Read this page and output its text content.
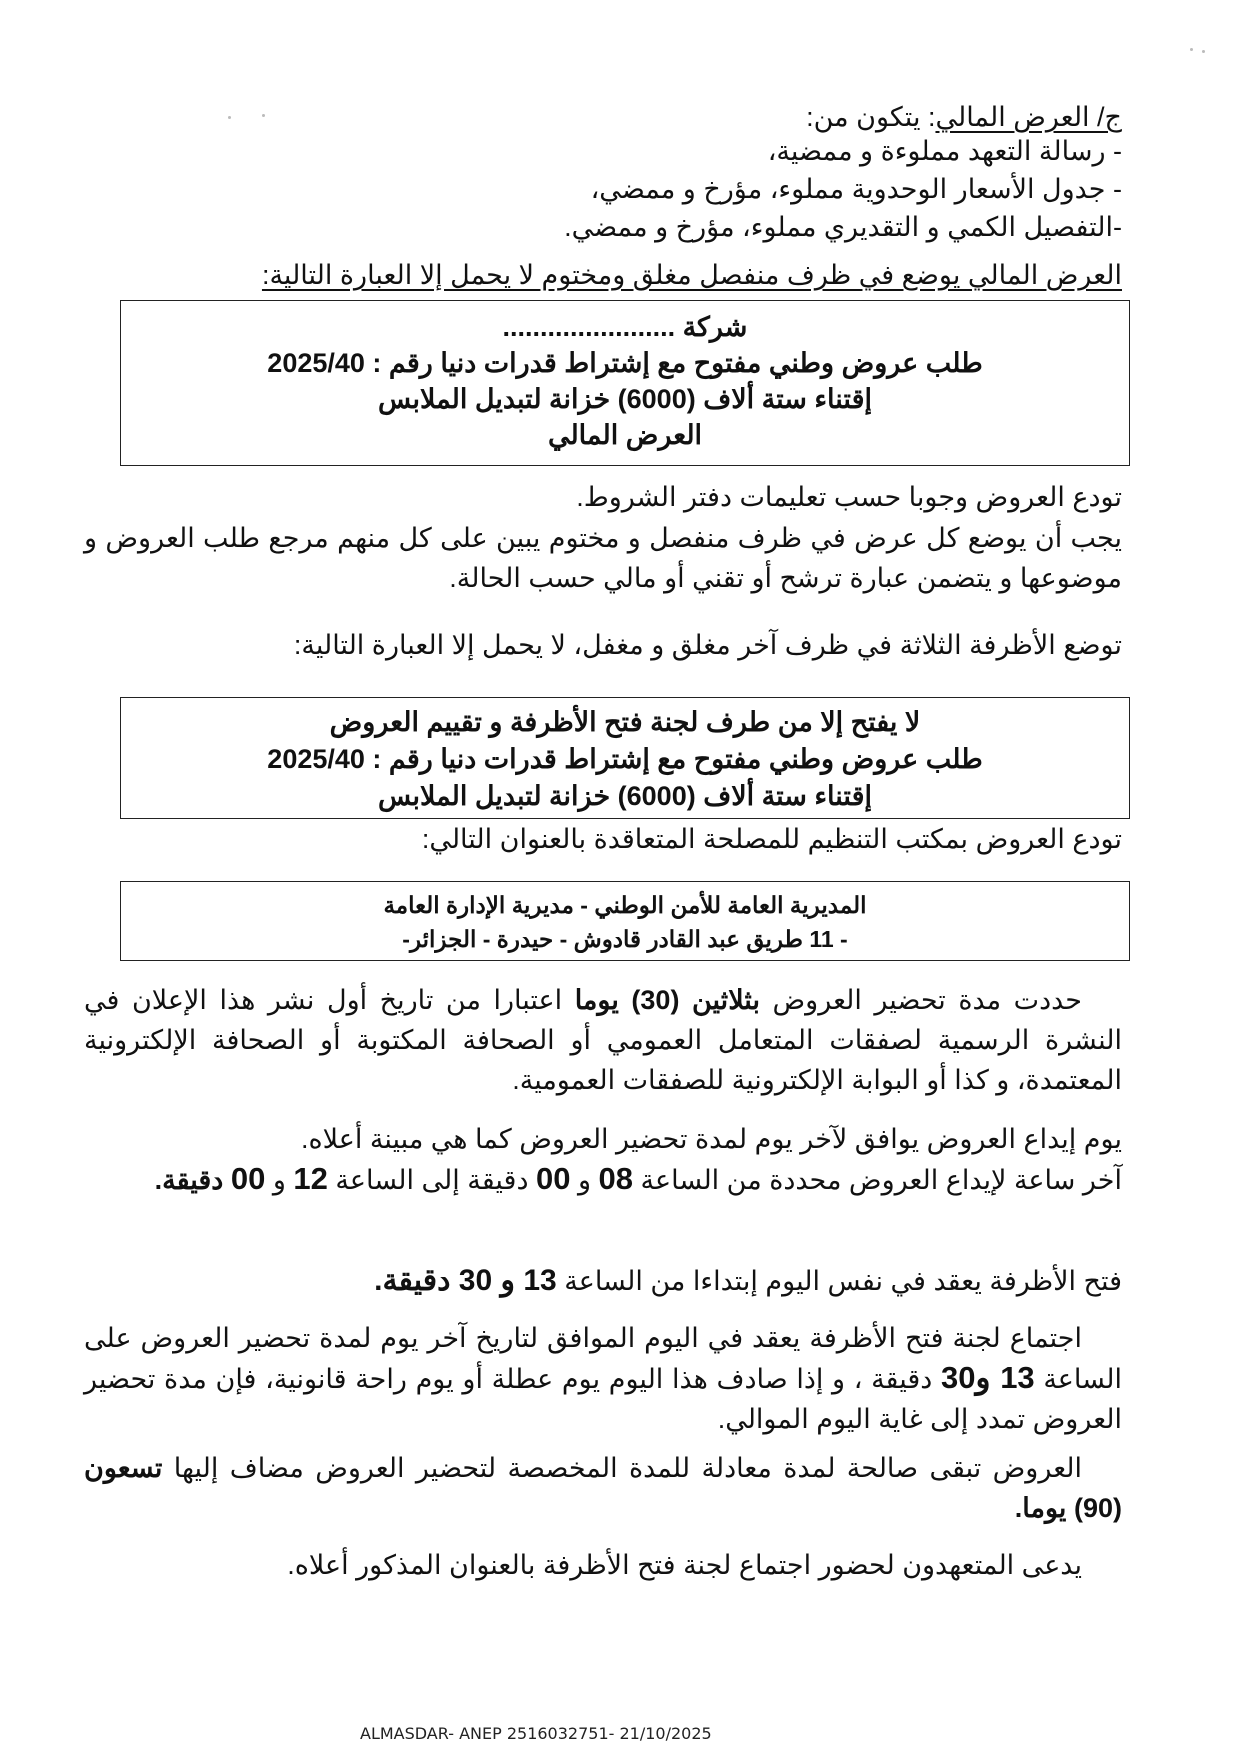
ج/ العرض المالي: يتكون من:
- رسالة التعهد مملوءة و ممضية،
- جدول الأسعار الوحدوية مملوء، مؤرخ و ممضي،
-التفصيل الكمي و التقديري مملوء، مؤرخ و ممضي.
العرض المالي يوضع في ظرف منفصل مغلق ومختوم لا يحمل إلا العبارة التالية:
شركة .......................
طلب عروض وطني مفتوح مع إشتراط قدرات دنيا رقم : 2025/40
إقتناء ستة ألاف (6000) خزانة لتبديل الملابس
العرض المالي
تودع العروض وجوبا حسب تعليمات دفتر الشروط.
يجب أن يوضع كل عرض في ظرف منفصل و مختوم يبين على كل منهم مرجع طلب العروض و موضوعها و يتضمن عبارة ترشح أو تقني أو مالي حسب الحالة.
توضع الأظرفة الثلاثة في ظرف آخر مغلق و مغفل، لا يحمل إلا العبارة التالية:
لا يفتح إلا من طرف لجنة فتح الأظرفة و تقييم العروض
طلب عروض وطني مفتوح مع إشتراط قدرات دنيا رقم : 2025/40
إقتناء ستة ألاف (6000) خزانة لتبديل الملابس
تودع العروض بمكتب التنظيم للمصلحة المتعاقدة بالعنوان التالي:
المديرية العامة للأمن الوطني - مديرية الإدارة العامة
- 11 طريق عبد القادر قادوش - حيدرة - الجزائر-
حددت مدة تحضير العروض بثلاثين (30) يوما اعتبارا من تاريخ أول نشر هذا الإعلان في النشرة الرسمية لصفقات المتعامل العمومي أو الصحافة المكتوبة أو الصحافة الإلكترونية المعتمدة، و كذا أو البوابة الإلكترونية للصفقات العمومية.
يوم إيداع العروض يوافق لآخر يوم لمدة تحضير العروض كما هي مبينة أعلاه.
آخر ساعة لإيداع العروض محددة من الساعة 08 و 00 دقيقة إلى الساعة 12 و 00 دقيقة.
فتح الأظرفة يعقد في نفس اليوم إبتداءا من الساعة 13 و 30 دقيقة.
اجتماع لجنة فتح الأظرفة يعقد في اليوم الموافق لتاريخ آخر يوم لمدة تحضير العروض على الساعة 13 و30 دقيقة ، و إذا صادف هذا اليوم يوم عطلة أو يوم راحة قانونية، فإن مدة تحضير العروض تمدد إلى غاية اليوم الموالي.
العروض تبقى صالحة لمدة معادلة للمدة المخصصة لتحضير العروض مضاف إليها تسعون (90) يوما.
يدعى المتعهدون لحضور اجتماع لجنة فتح الأظرفة بالعنوان المذكور أعلاه.
ALMASDAR- ANEP 2516032751- 21/10/2025
